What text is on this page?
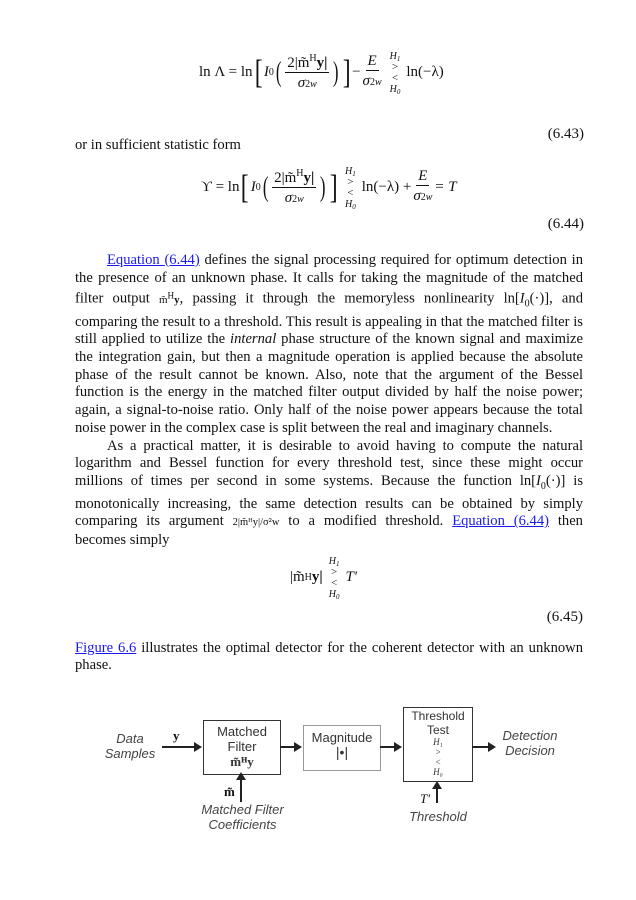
ln Λ = ln [ I 0 ( $\frac{2|m̃^Hy|}{\sigma 2w}$ ) ] − $\frac{E}{\sigma 2w} H_1$
>
<
$H_0$
ln(−λ)
(6.43)
or in sufficient statistic form
ϒ = ln [ I 0 ( $\frac{2|m̃^Hy|}{\sigma 2w}$ ) ] $H_1$
>
<
$H_0$
$\ln(-\lambda) + \frac{E}{\sigma 2w} = T$
(6.44)
Equation (6.44) defines the signal processing required for optimum detection in the presence of an unknown phase. It calls for taking the magnitude of the matched filter output m̃$^H$y, passing it through the memoryless nonlinearity $\ln[I_0(\cdot)]$, and comparing the result to a threshold. This result is appealing in that the matched filter is still applied to utilize the internal phase structure of the known signal and maximize the integration gain, but then a magnitude operation is applied because the absolute phase of the result cannot be known. Also, note that the argument of the Bessel function is the energy in the matched filter output divided by half the noise power; again, a signal-to-noise ratio. Only half of the noise power appears because the total noise power in the complex case is split between the real and imaginary channels.
As a practical matter, it is desirable to avoid having to compute the natural logarithm and Bessel function for every threshold test, since these might occur millions of times per second in some systems. Because the function $\ln[I_0(\cdot)]$ is monotonically increasing, the same detection results can be obtained by simply comparing its argument 2|m̃ᴴy|/σ²w to a modified threshold. Equation (6.44) then becomes simply
|m̃ H y|
$H_1$
>
<
$H_0$
T′
(6.45)
Figure 6.6 illustrates the optimal detector for the coherent detector with an unknown phase.
Data
Samples
y	Matched
Filter
m̃ᴴy
m̃
Matched Filter
Coefficients
Magnitude
|•|
Threshold
Test
H₁
>
<
H₀
T′
Threshold
Detection
Decision
